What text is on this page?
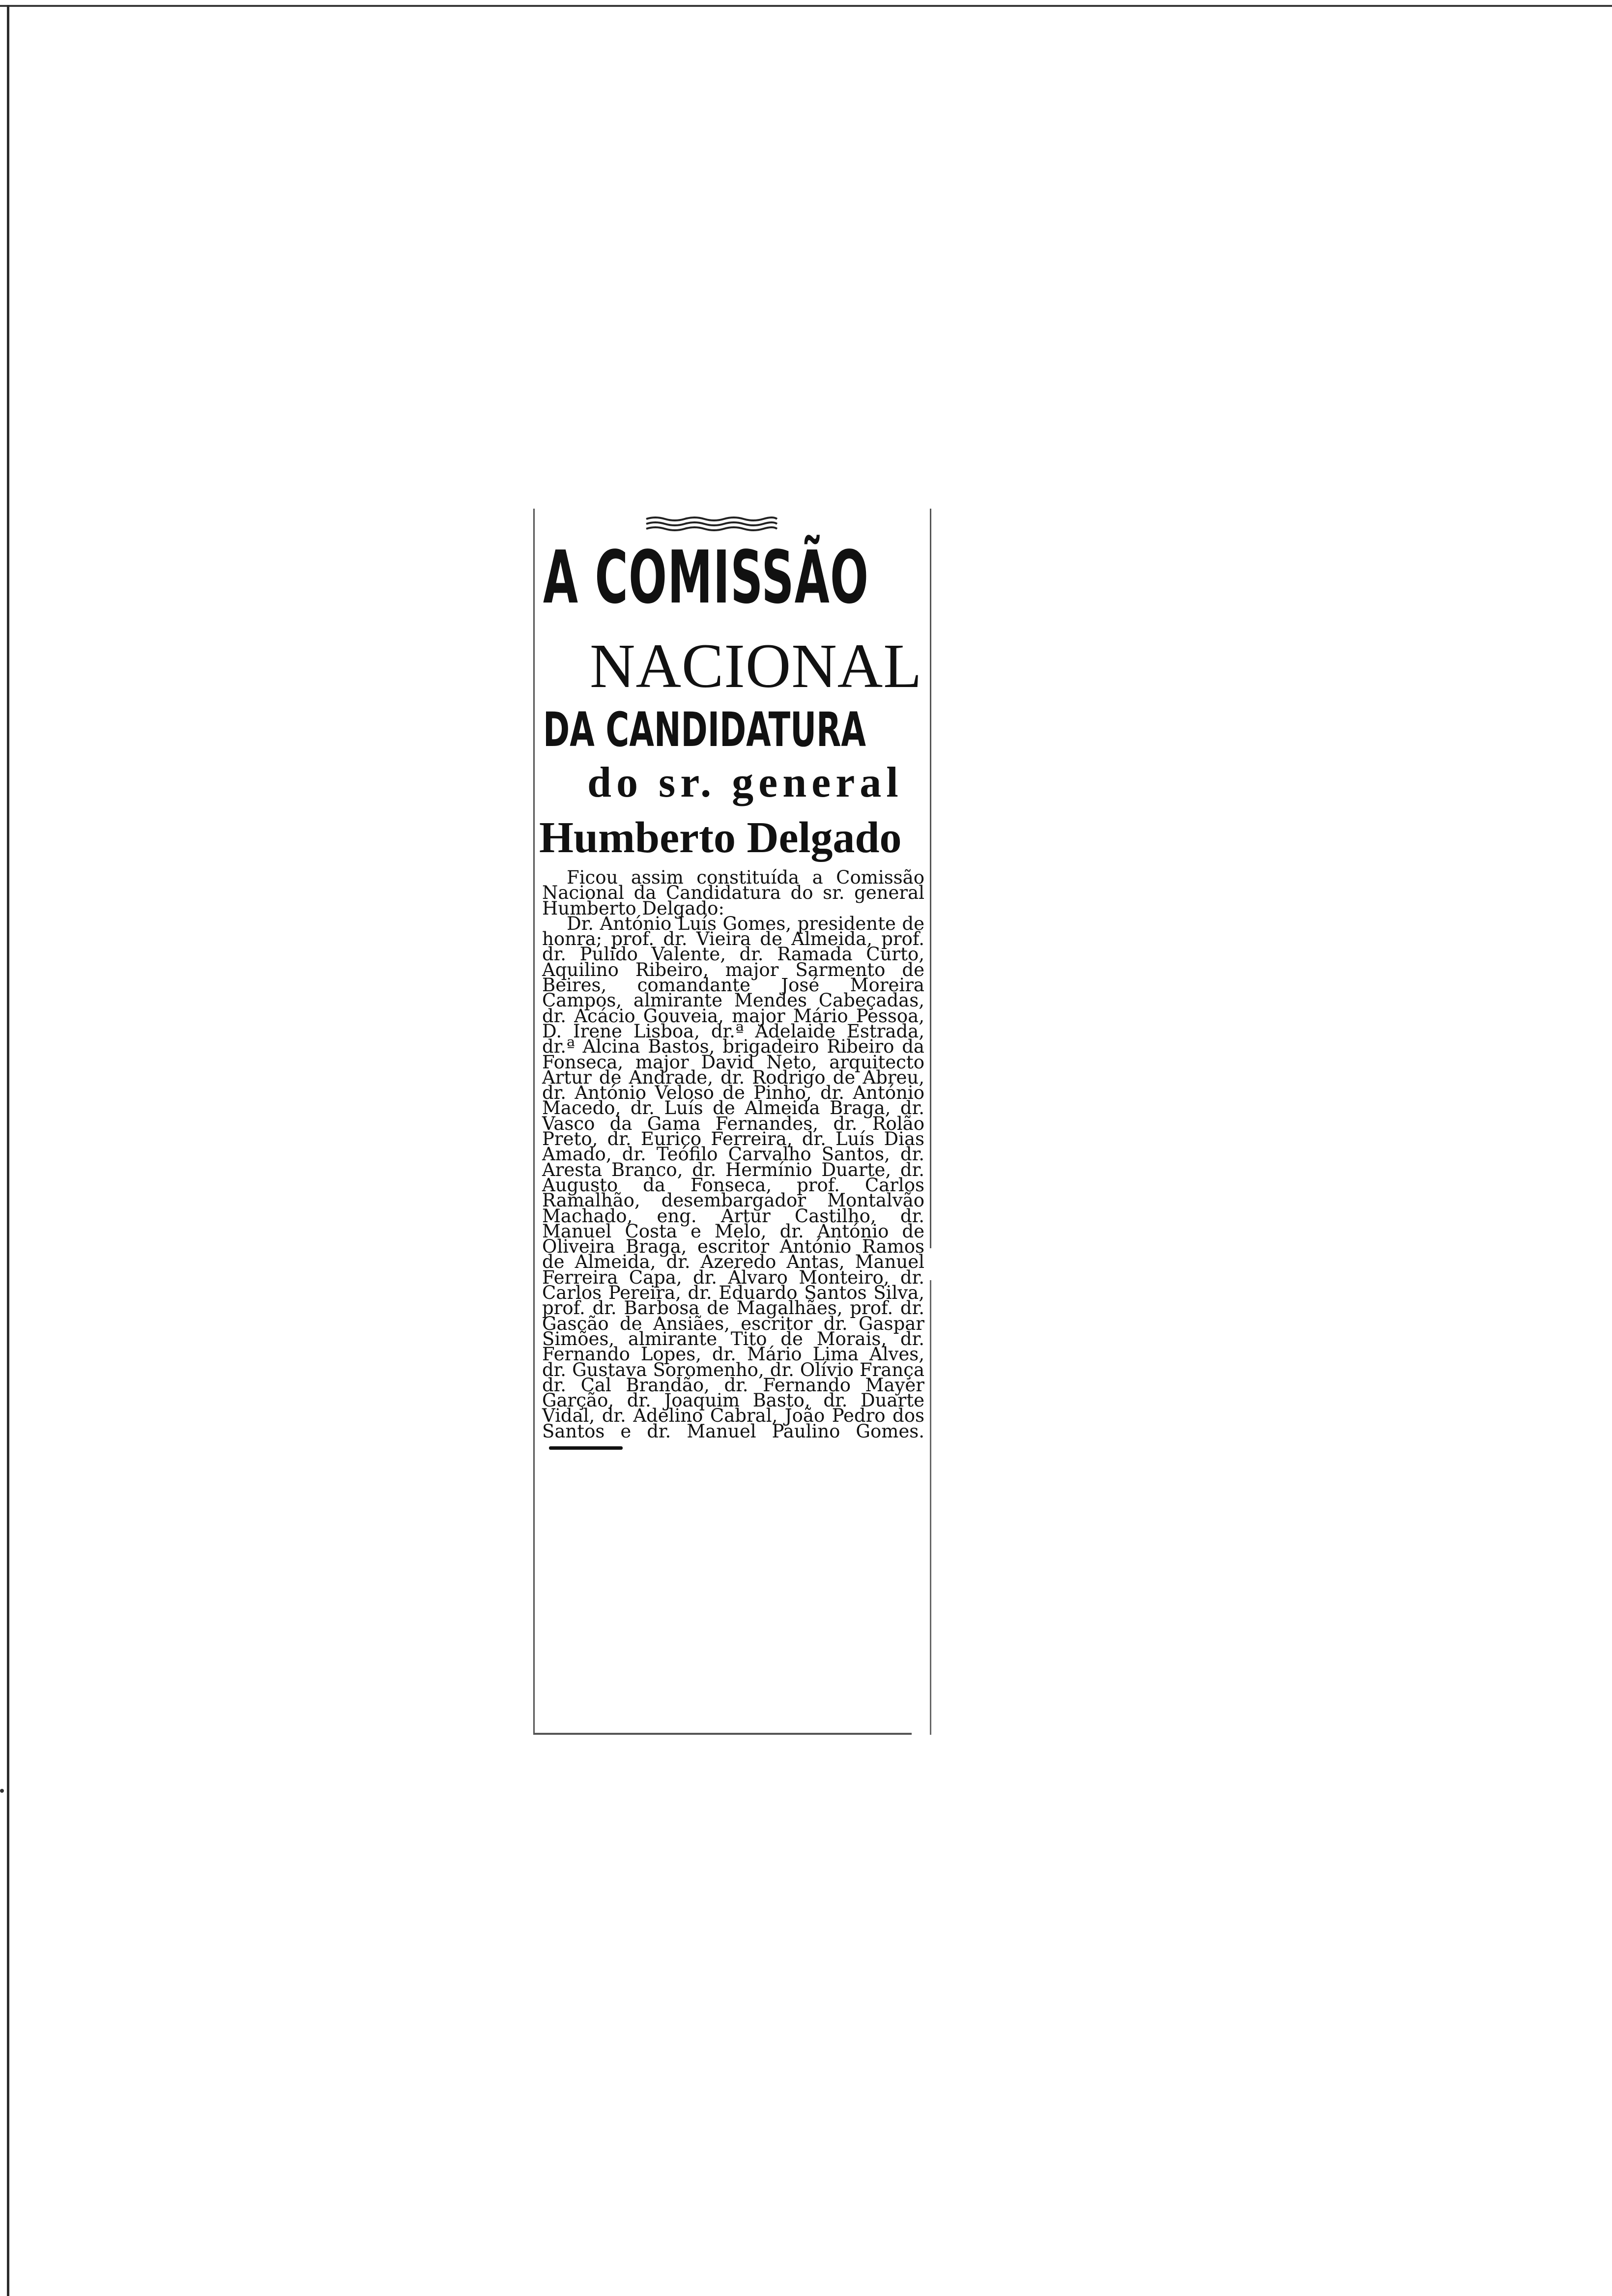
A COMISSÃO
NACIONAL
DA CANDIDATURA
do sr. general
Humberto Delgado

Ficou assim constituída a Comissão Nacional da Candidatura do sr. general Humberto Delgado:

Dr. António Luís Gomes, presidente de honra; prof. dr. Vieira de Almeida, prof. dr. Pulido Valente, dr. Ramada Curto, Aquilino Ribeiro, major Sarmento de Beires, comandante José Moreira Campos, almirante Mendes Cabeçadas, dr. Acácio Gouveia, major Mário Pessoa, D. Irene Lisboa, dr.ª Adelaide Estrada, dr.ª Alcina Bastos, brigadeiro Ribeiro da Fonseca, major David Neto, arquitecto Artur de Andrade, dr. Rodrigo de Abreu, dr. António Veloso de Pinho, dr. António Macedo, dr. Luís de Almeida Braga, dr. Vasco da Gama Fernandes, dr. Rolão Preto, dr. Eurico Ferreira, dr. Luís Dias Amado, dr. Teófilo Carvalho Santos, dr. Aresta Branco, dr. Hermínio Duarte, dr. Augusto da Fonseca, prof. Carlos Ramalhão, desembargador Montalvão Machado, eng. Artur Castilho, dr. Manuel Costa e Melo, dr. António de Oliveira Braga, escritor António Ramos de Almeida, dr. Azeredo Antas, Manuel Ferreira Capa, dr. Álvaro Monteiro, dr. Carlos Pereira, dr. Eduardo Santos Silva, prof. dr. Barbosa de Magalhães, prof. dr. Gascão de Ansiães, escritor dr. Gaspar Simões, almirante Tito de Morais, dr. Fernando Lopes, dr. Mário Lima Alves, dr. Gustava Soromenho, dr. Olívio França dr. Cal Brandão, dr. Fernando Mayer Garção, dr. Joaquim Basto, dr. Duarte Vidal, dr. Adelino Cabral, João Pedro dos Santos e dr. Manuel Paulino Gomes.
